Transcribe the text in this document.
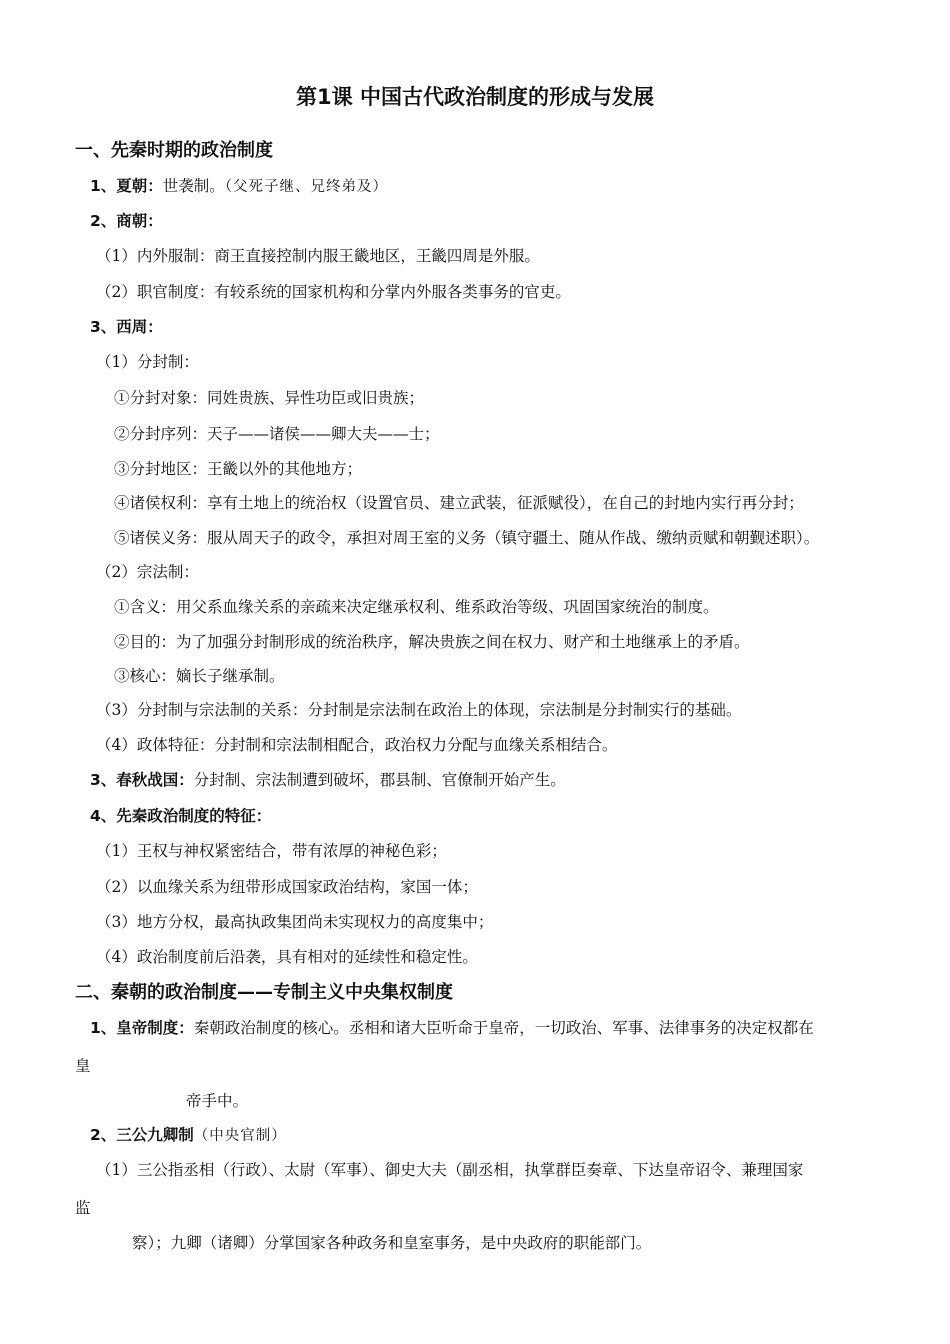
第1课 中国古代政治制度的形成与发展
一、先秦时期的政治制度
1、夏朝：世袭制。（父死子继、兄终弟及）
2、商朝：
（1）内外服制：商王直接控制内服王畿地区，王畿四周是外服。
（2）职官制度：有较系统的国家机构和分掌内外服各类事务的官吏。
3、西周：
（1）分封制：
①分封对象：同姓贵族、异性功臣或旧贵族；
②分封序列：天子——诸侯——卿大夫——士；
③分封地区：王畿以外的其他地方；
④诸侯权利：享有土地上的统治权（设置官员、建立武装，征派赋役），在自己的封地内实行再分封；
⑤诸侯义务：服从周天子的政令，承担对周王室的义务（镇守疆土、随从作战、缴纳贡赋和朝觐述职）。
（2）宗法制：
①含义：用父系血缘关系的亲疏来决定继承权利、维系政治等级、巩固国家统治的制度。
②目的：为了加强分封制形成的统治秩序，解决贵族之间在权力、财产和土地继承上的矛盾。
③核心：嫡长子继承制。
（3）分封制与宗法制的关系：分封制是宗法制在政治上的体现，宗法制是分封制实行的基础。
（4）政体特征：分封制和宗法制相配合，政治权力分配与血缘关系相结合。
3、春秋战国：分封制、宗法制遭到破坏，郡县制、官僚制开始产生。
4、先秦政治制度的特征：
（1）王权与神权紧密结合，带有浓厚的神秘色彩；
（2）以血缘关系为纽带形成国家政治结构，家国一体；
（3）地方分权，最高执政集团尚未实现权力的高度集中；
（4）政治制度前后沿袭，具有相对的延续性和稳定性。
二、秦朝的政治制度——专制主义中央集权制度
1、皇帝制度：秦朝政治制度的核心。丞相和诸大臣听命于皇帝，一切政治、军事、法律事务的决定权都在
皇
帝手中。
2、三公九卿制（中央官制）
（1）三公指丞相（行政）、太尉（军事）、御史大夫（副丞相，执掌群臣奏章、下达皇帝诏令、兼理国家
监
察）；九卿（诸卿）分掌国家各种政务和皇室事务，是中央政府的职能部门。
